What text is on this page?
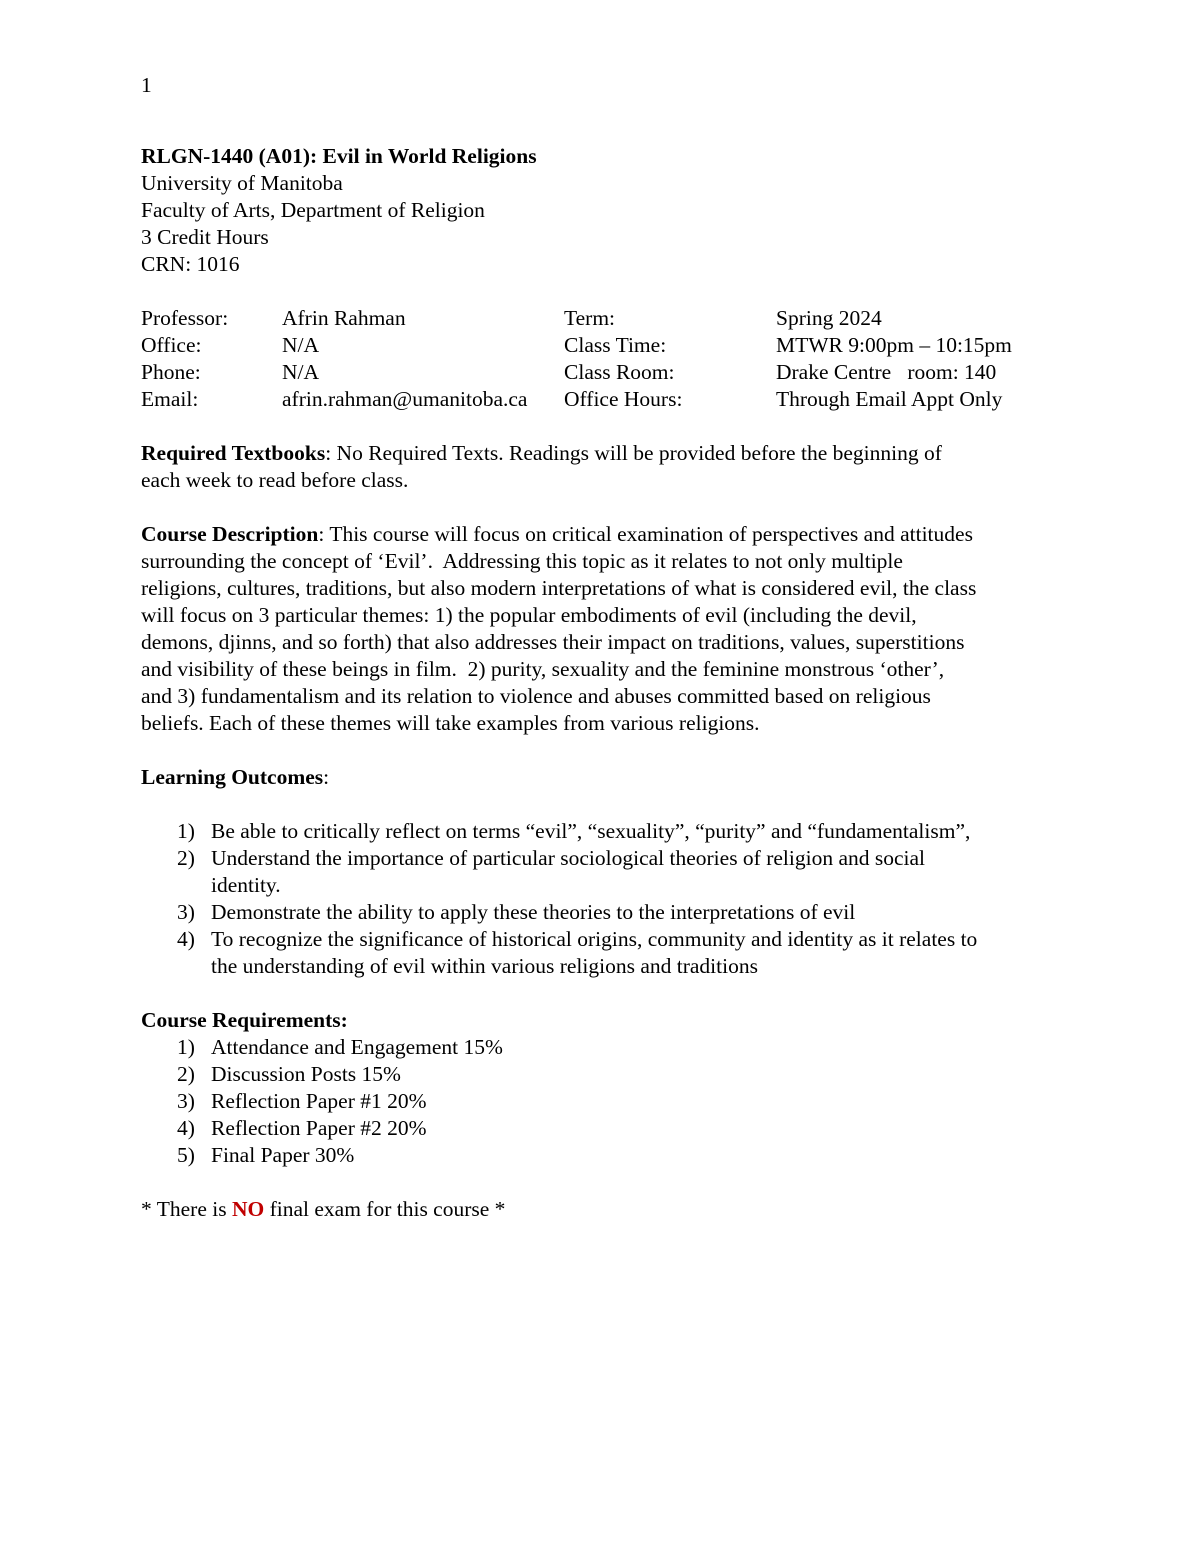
1
RLGN-1440 (A01): Evil in World Religions
University of Manitoba
Faculty of Arts, Department of Religion
3 Credit Hours
CRN: 1016
Professor:	Afrin Rahman	Term:	Spring 2024
Office:	N/A	Class Time:	MTWR 9:00pm – 10:15pm
Phone:	N/A	Class Room:	Drake Centre   room: 140
Email:	afrin.rahman@umanitoba.ca	Office Hours:	Through Email Appt Only
Required Textbooks: No Required Texts. Readings will be provided before the beginning of
each week to read before class.
Course Description: This course will focus on critical examination of perspectives and attitudes
surrounding the concept of ‘Evil’.  Addressing this topic as it relates to not only multiple
religions, cultures, traditions, but also modern interpretations of what is considered evil, the class
will focus on 3 particular themes: 1) the popular embodiments of evil (including the devil,
demons, djinns, and so forth) that also addresses their impact on traditions, values, superstitions
and visibility of these beings in film.  2) purity, sexuality and the feminine monstrous ‘other’,
and 3) fundamentalism and its relation to violence and abuses committed based on religious
beliefs. Each of these themes will take examples from various religions.
Learning Outcomes:
1) Be able to critically reflect on terms “evil”, “sexuality”, “purity” and “fundamentalism”,
2) Understand the importance of particular sociological theories of religion and social
identity.
3) Demonstrate the ability to apply these theories to the interpretations of evil
4) To recognize the significance of historical origins, community and identity as it relates to
the understanding of evil within various religions and traditions
Course Requirements:
1) Attendance and Engagement 15%
2) Discussion Posts 15%
3) Reflection Paper #1 20%
4) Reflection Paper #2 20%
5) Final Paper 30%
* There is NO final exam for this course *
